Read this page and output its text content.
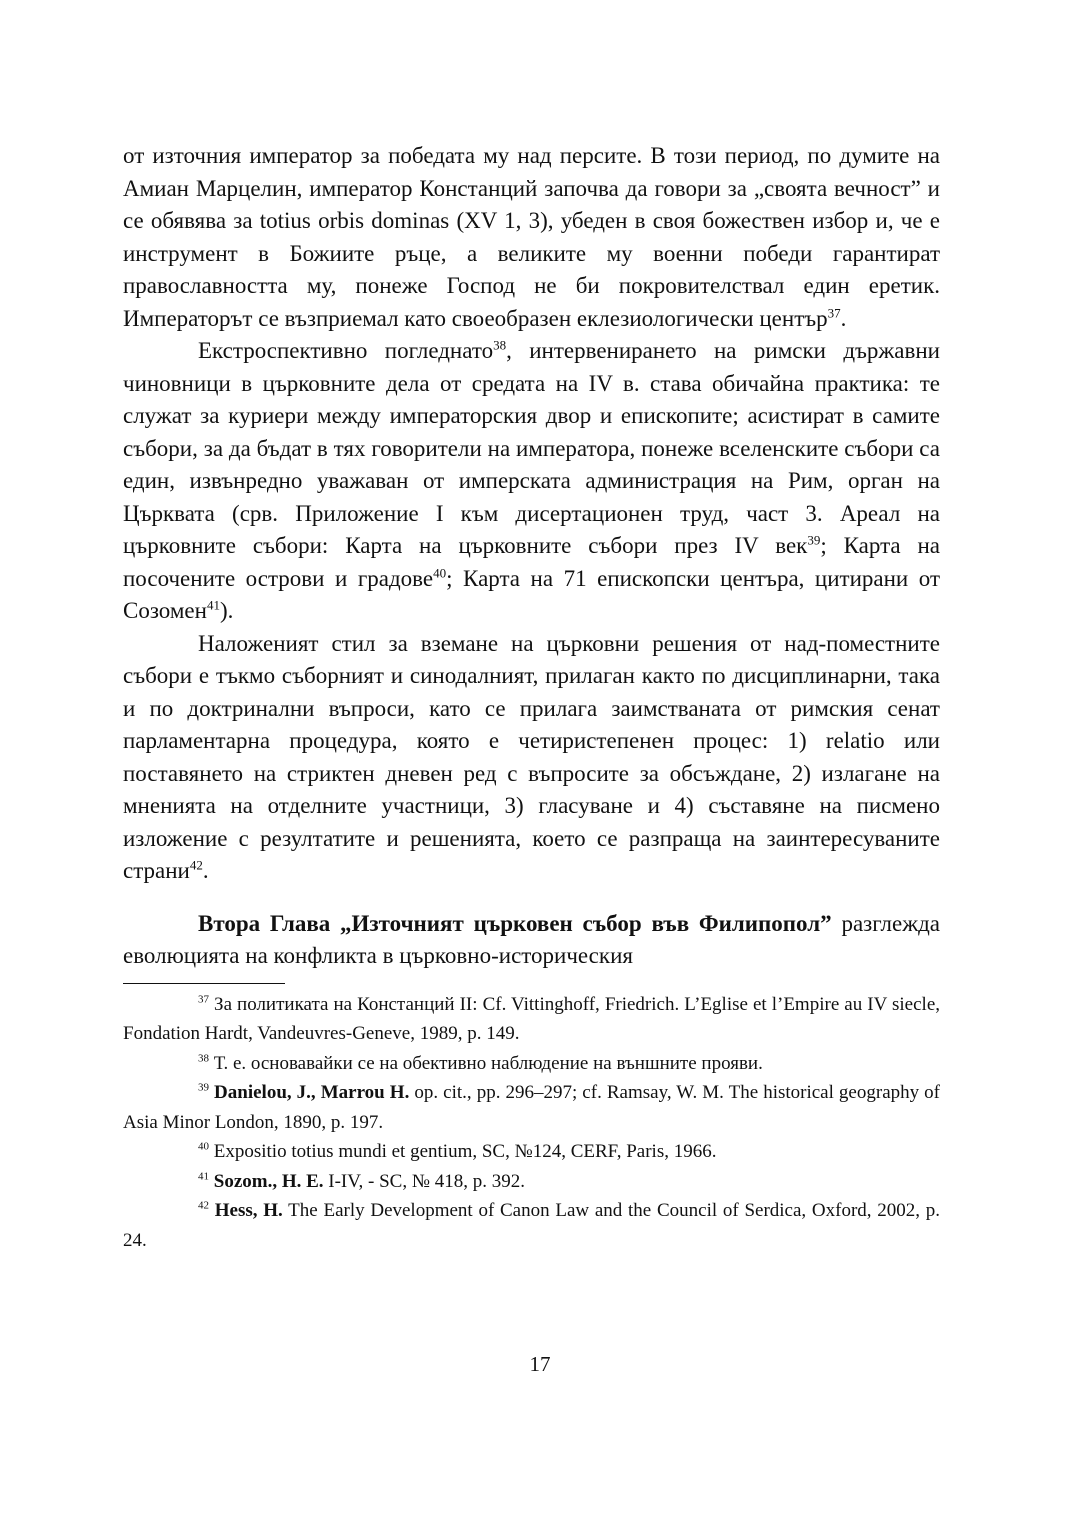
от източния император за победата му над персите. В този период, по думите на Амиан Марцелин, император Констанций започва да говори за „своята вечност” и се обявява за totius orbis dominas (XV 1, 3), убеден в своя божествен избор и, че е инструмент в Божиите ръце, а великите му военни победи гарантират православността му, понеже Господ не би покровителствал един еретик. Императорът се възприемал като своеобразен еклезиологически център$^{37}$.

Екстроспективно погледнато$^{38}$, интервенирането на римски държавни чиновници в църковните дела от средата на IV в. става обичайна практика: те служат за куриери между императорския двор и епископите; асистират в самите събори, за да бъдат в тях говорители на императора, понеже вселенските събори са един, извънредно уважаван от имперската администрация на Рим, орган на Църквата (срв. Приложение I към дисертационен труд, част 3. Ареал на църковните събори: Карта на църковните събори през IV век$^{39}$; Карта на посочените острови и градове$^{40}$; Карта на 71 епископски центъра, цитирани от Созомен$^{41}$).

Наложеният стил за вземане на църковни решения от над-поместните събори е тъкмо съборният и синодалният, прилаган както по дисциплинарни, така и по доктринални въпроси, като се прилага заимстваната от римския сенат парламентарна процедура, която е четиристепенен процес: 1) relatio или поставянето на стриктен дневен ред с въпросите за обсъждане, 2) излагане на мненията на отделните участници, 3) гласуване и 4) съставяне на писмено изложение с резултатите и решенията, което се разпраща на заинтересуваните страни$^{42}$.

Втора Глава „Източният църковен събор във Филипопол” разглежда еволюцията на конфликта в църковно-историческия

$^{37}$ За политиката на Констанций II: Cf. Vittinghoff, Friedrich. L’Eglise et l’Empire au IV siecle, Fondation Hardt, Vandeuvres-Geneve, 1989, p. 149.

$^{38}$ Т. е. основавайки се на обективно наблюдение на външните прояви.

$^{39}$ Danielou, J., Marrou H. op. cit., pp. 296–297; cf. Ramsay, W. M. The historical geography of Asia Minor London, 1890, p. 197.

$^{40}$ Expositio totius mundi et gentium, SC, №124, CERF, Paris, 1966.

$^{41}$ Sozom., H. E. I-IV, - SC, № 418, p. 392.

$^{42}$ Hess, H. The Early Development of Canon Law and the Council of Serdica, Oxford, 2002, p. 24.

17
